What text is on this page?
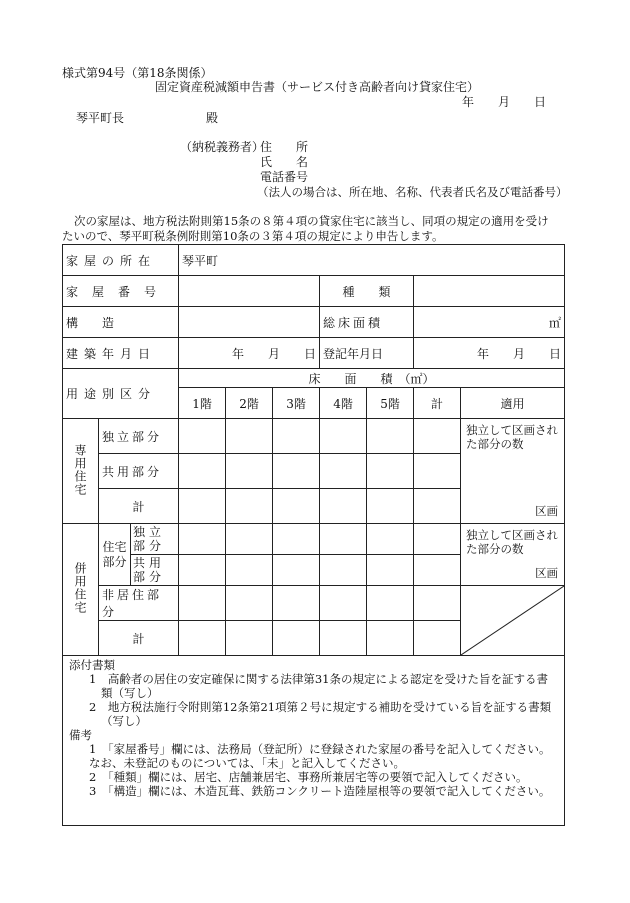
様式第94号（第18条関係）
固定資産税減額申告書（サービス付き高齢者向け貸家住宅）
年　　月　　日
琴平町長	殿
（納税義務者）
住　　所
氏　　名
電話番号
（法人の場合は、所在地、名称、代表者氏名及び電話番号）
次の家屋は、地方税法附則第15条の８第４項の貸家住宅に該当し、同項の規定の適用を受け
たいので、琴平町税条例附則第10条の３第４項の規定により申告します。
家屋の所在			琴平町						
家屋番号						種　　類			
構　　造						総床面積		㎡	
建築年月日			年　　月　　日			登記年月日		年　　月　　日	
用途別区分			床　　面　　積　（㎡）						
			1階	2階	3階	4階	5階	計	適用
専用住宅	独立部分								独立して区画された部分の数
区画

	共用部分								
	計								
併用住宅	住宅部分	独立部分							独立して区画された部分の数
区画

		共用部分							
	非居住部分							

	計								

添付書類

1　高齢者の居住の安定確保に関する法律第31条の規定による認定を受けた旨を証する書類（写し）

2　地方税法施行令附則第12条第21項第２号に規定する補助を受けている旨を証する書類（写し）

備考

1　「家屋番号」欄には、法務局（登記所）に登録された家屋の番号を記入してください。なお、未登記のものについては、「未」と記入してください。

2　「種類」欄には、居宅、店舗兼居宅、事務所兼居宅等の要領で記入してください。

3　「構造」欄には、木造瓦葺、鉄筋コンクリート造陸屋根等の要領で記入してください。
